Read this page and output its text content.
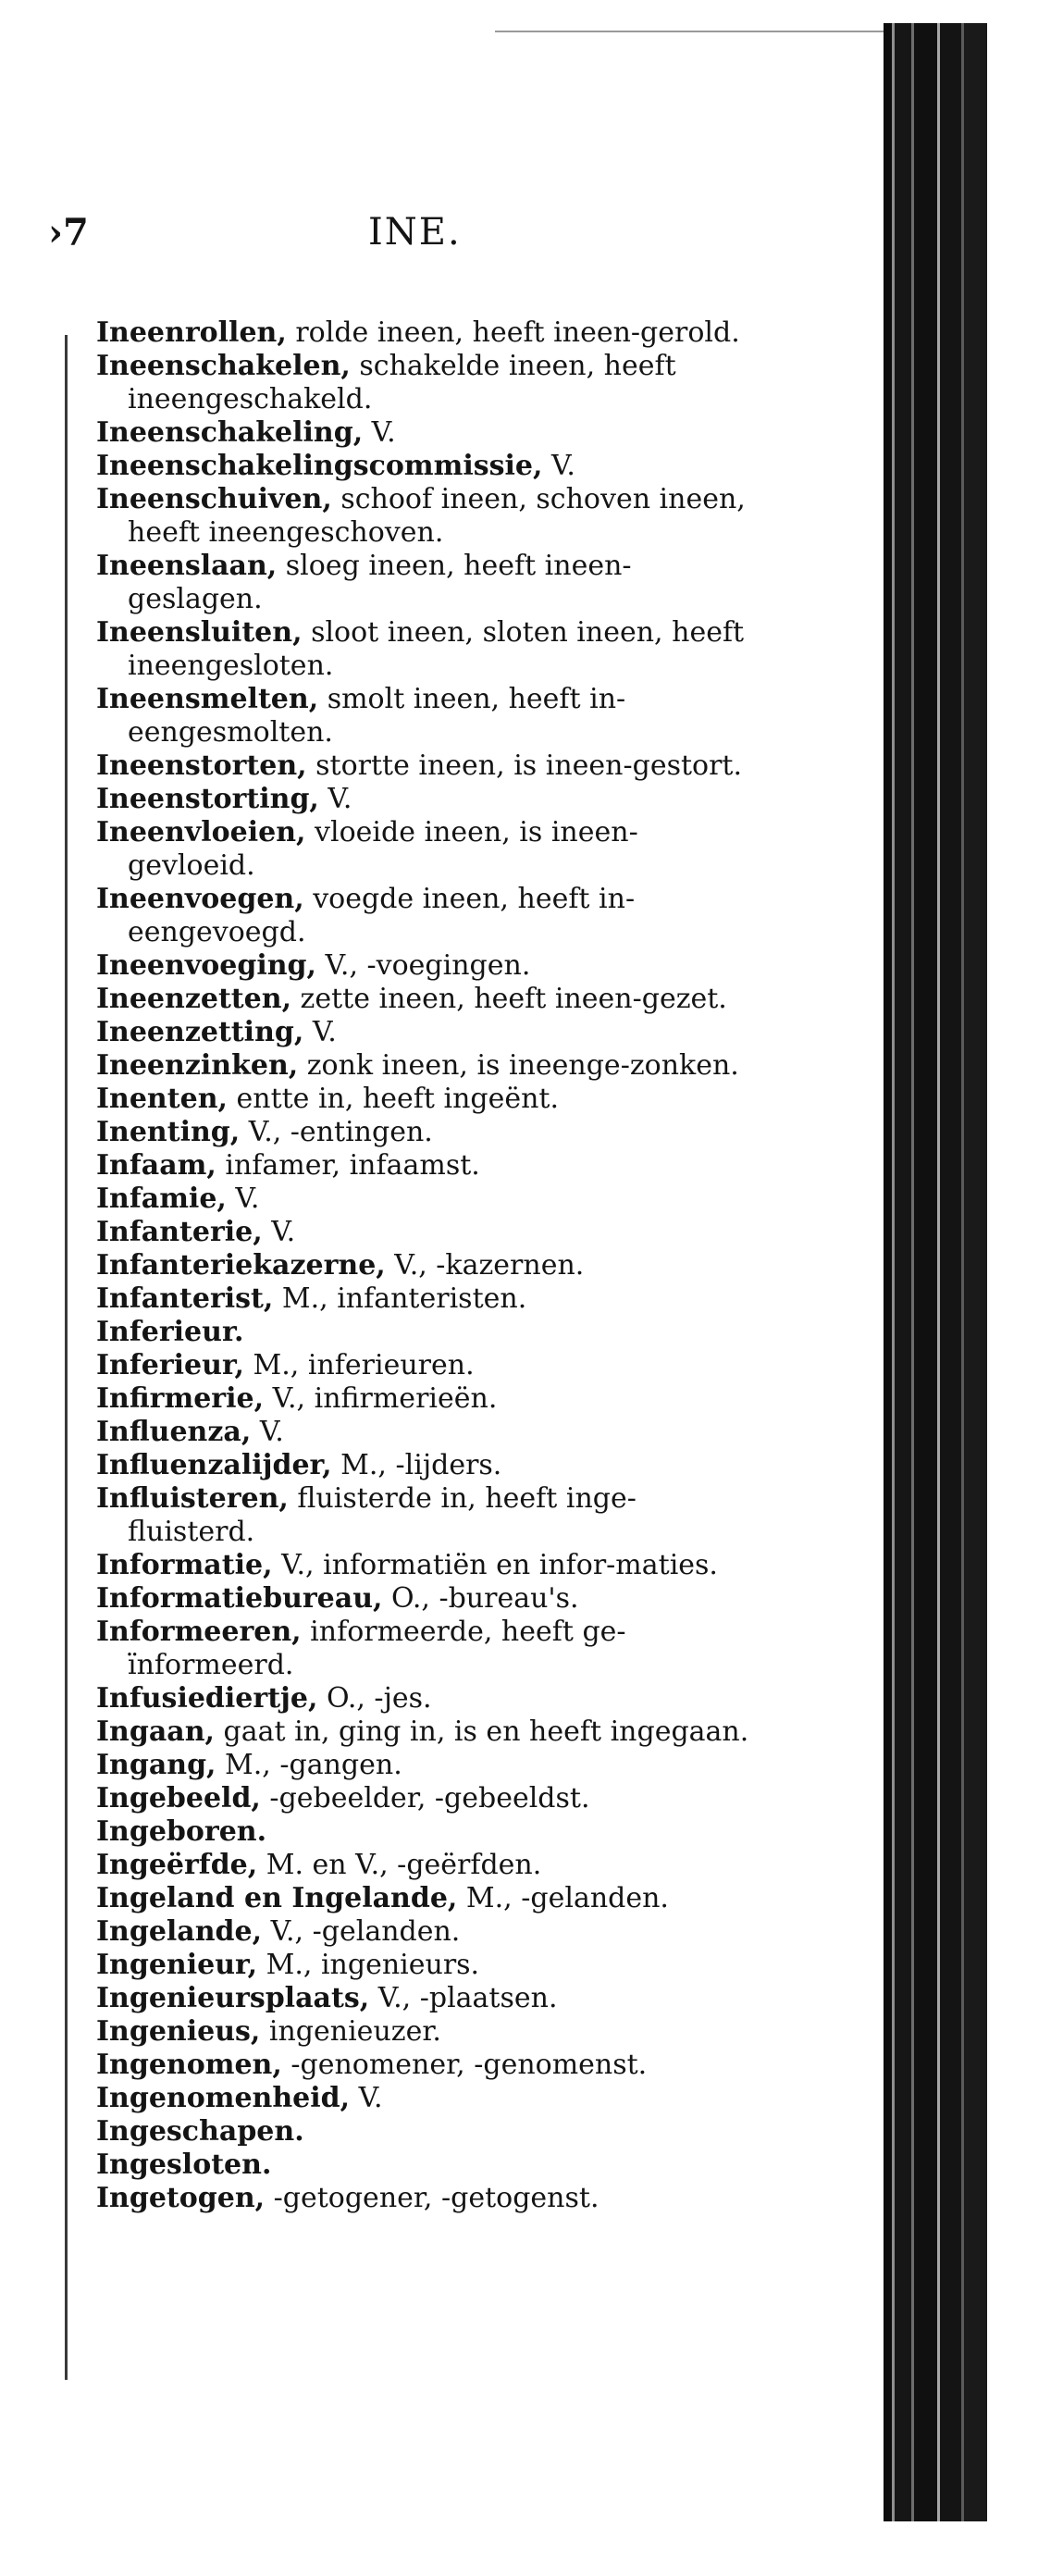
›7	INE.

Ineenrollen, rolde ineen, heeft ineen-gerold.

Ineenschakelen, schakelde ineen, heeft ineengeschakeld.

Ineenschakeling, V.

Ineenschakelingscommissie, V.

Ineenschuiven, schoof ineen, schoven ineen, heeft ineengeschoven.

Ineenslaan, sloeg ineen, heeft ineen-geslagen.

Ineensluiten, sloot ineen, sloten ineen, heeft ineengesloten.

Ineensmelten, smolt ineen, heeft in-eengesmolten.

Ineenstorten, stortte ineen, is ineen-gestort.

Ineenstorting, V.

Ineenvloeien, vloeide ineen, is ineen-gevloeid.

Ineenvoegen, voegde ineen, heeft in-eengevoegd.

Ineenvoeging, V., -voegingen.

Ineenzetten, zette ineen, heeft ineen-gezet.

Ineenzetting, V.

Ineenzinken, zonk ineen, is ineenge-zonken.

Inenten, entte in, heeft ingeënt.

Inenting, V., -entingen.

Infaam, infamer, infaamst.

Infamie, V.

Infanterie, V.

Infanteriekazerne, V., -kazernen.

Infanterist, M., infanteristen.

Inferieur.

Inferieur, M., inferieuren.

Infirmerie, V., infirmerieën.

Influenza, V.

Influenzalijder, M., -lijders.

Influisteren, fluisterde in, heeft inge-fluisterd.

Informatie, V., informatiën en infor-maties.

Informatiebureau, O., -bureau's.

Informeeren, informeerde, heeft ge-ïnformeerd.

Infusiediertje, O., -jes.

Ingaan, gaat in, ging in, is en heeft ingegaan.

Ingang, M., -gangen.

Ingebeeld, -gebeelder, -gebeeldst.

Ingeboren.

Ingeërfde, M. en V., -geërfden.

Ingeland en Ingelande, M., -gelanden.

Ingelande, V., -gelanden.

Ingenieur, M., ingenieurs.

Ingenieursplaats, V., -plaatsen.

Ingenieus, ingenieuzer.

Ingenomen, -genomener, -genomenst.

Ingenomenheid, V.

Ingeschapen.

Ingesloten.

Ingetogen, -getogener, -getogenst.
